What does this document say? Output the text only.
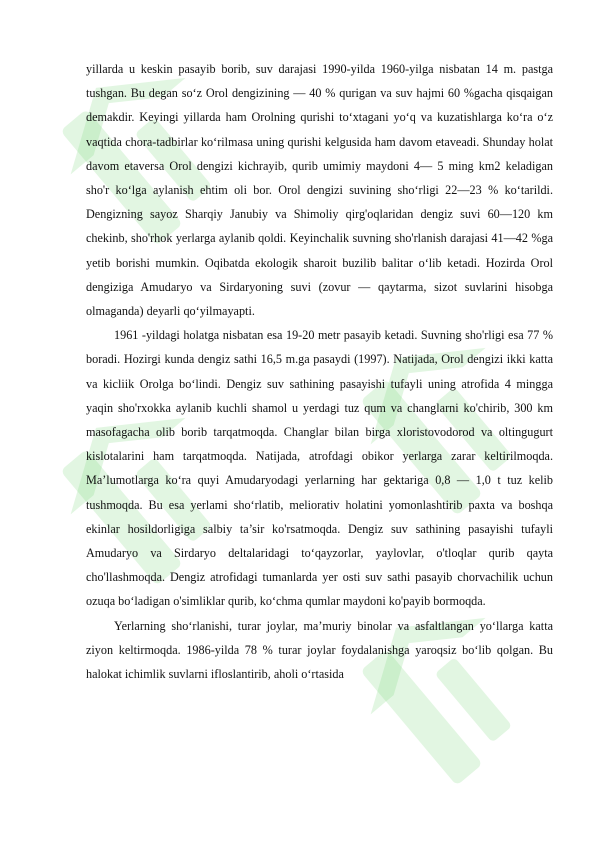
yillarda u keskin pasayib borib, suv darajasi 1990-yilda 1960-yilga nisbatan 14 m. pastga tushgan. Bu degan so‘z Orol dengizining — 40 % qurigan va suv hajmi 60 %gacha qisqaigan demakdir. Keyingi yillarda ham Orolning qurishi to‘xtagani yo‘q va kuzatishlarga ko‘ra o‘z vaqtida chora-tadbirlar ko‘rilmasa uning qurishi kelgusida ham davom etaveadi. Shunday holat davom etaversa Orol dengizi kichrayib, qurib umimiy maydoni 4— 5 ming km2 keladigan sho'r ko‘lga aylanish ehtim oli bor. Orol dengizi suvining sho‘rligi 22—23 % ko‘tarildi. Dengizning sayoz Sharqiy Janubiy va Shimoliy qirg'oqlaridan dengiz suvi 60—120 km chekinb, sho'rhok yerlarga aylanib qoldi. Keyinchalik suvning sho'rlanish darajasi 41—42 %ga yetib borishi mumkin. Oqibatda ekologik sharoit buzilib balitar o‘lib ketadi. Hozirda Orol dengiziga Amudaryo va Sirdaryoning suvi (zovur — qaytarma, sizot suvlarini hisobga olmaganda) deyarli qo‘yilmayapti.

1961 -yildagi holatga nisbatan esa 19-20 metr pasayib ketadi. Suvning sho'rligi esa 77 % boradi. Hozirgi kunda dengiz sathi 16,5 m.ga pasaydi (1997). Natijada, Orol dengizi ikki katta va kicliik Orolga bo‘lindi. Dengiz suv sathining pasayishi tufayli uning atrofida 4 mingga yaqin sho'rxokka aylanib kuchli shamol u yerdagi tuz qum va changlarni ko'chirib, 300 km masofagacha olib borib tarqatmoqda. Changlar bilan birga xloristovodorod va oltingugurt kislotalarini ham tarqatmoqda. Natijada, atrofdagi obikor yerlarga zarar keltirilmoqda. Ma’lumotlarga ko‘ra quyi Amudaryodagi yerlarning har gektariga 0,8 — 1,0 t tuz kelib tushmoqda. Bu esa yerlami sho‘rlatib, meliorativ holatini yomonlashtirib paxta va boshqa ekinlar hosildorligiga salbiy ta’sir ko'rsatmoqda. Dengiz suv sathining pasayishi tufayli Amudaryo va Sirdaryo deltalaridagi to‘qayzorlar, yaylovlar, o'tloqlar qurib qayta cho'llashmoqda. Dengiz atrofidagi tumanlarda yer osti suv sathi pasayib chorvachilik uchun ozuqa bo‘ladigan o'simliklar qurib, ko‘chma qumlar maydoni ko'payib bormoqda.

Yerlarning sho‘rlanishi, turar joylar, ma’muriy binolar va asfaltlangan yo‘llarga katta ziyon keltirmoqda. 1986-yilda 78 % turar joylar foydalanishga yaroqsiz bo‘lib qolgan. Bu halokat ichimlik suvlarni ifloslantirib, aholi o‘rtasida
